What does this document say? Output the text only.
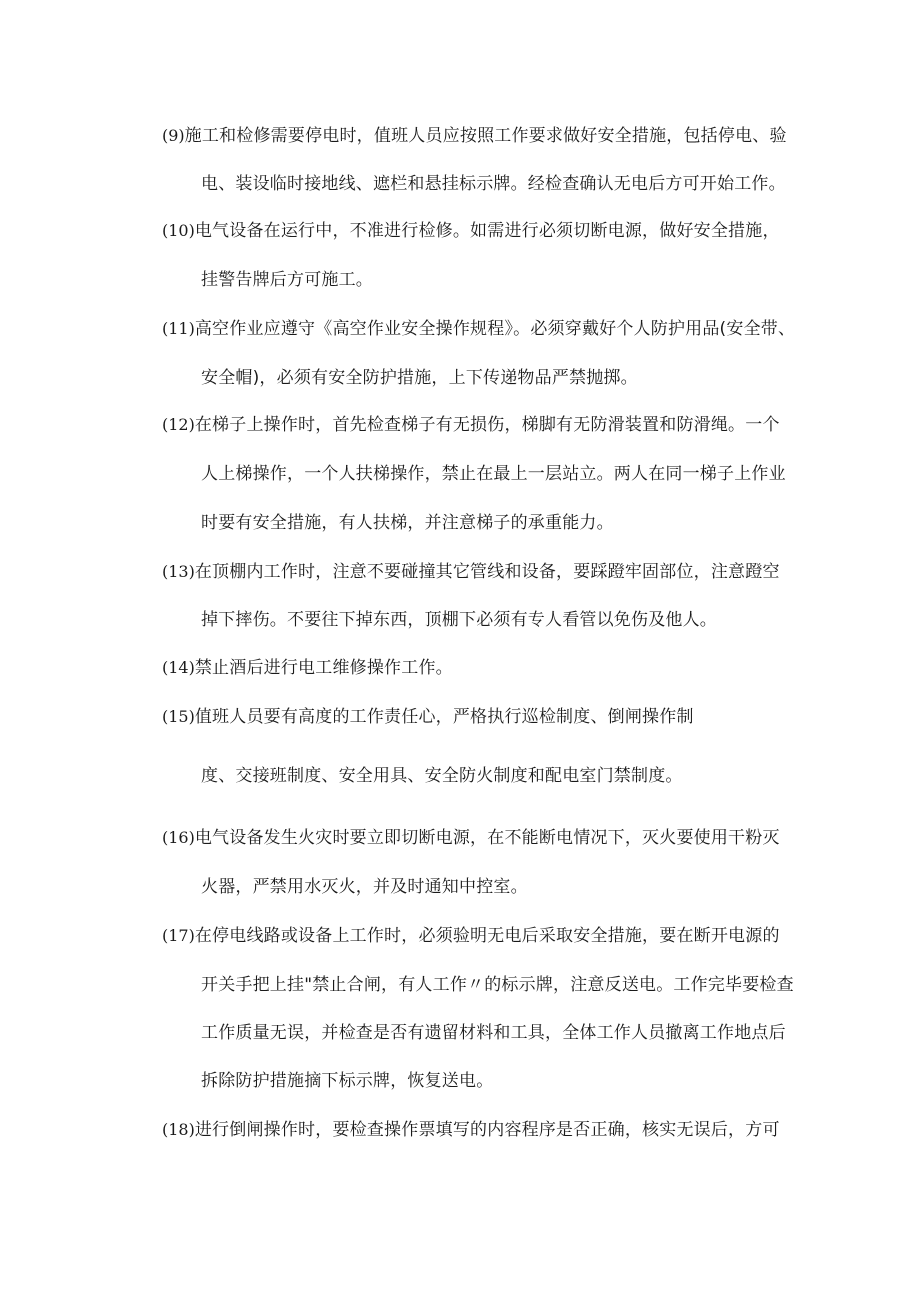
(9)施工和检修需要停电时，值班人员应按照工作要求做好安全措施，包括停电、验
电、装设临时接地线、遮栏和悬挂标示牌。经检查确认无电后方可开始工作。
(10)电气设备在运行中，不准进行检修。如需进行必须切断电源，做好安全措施，
挂警告牌后方可施工。
(11)高空作业应遵守《高空作业安全操作规程》。必须穿戴好个人防护用品(安全带、
安全帽)，必须有安全防护措施，上下传递物品严禁抛掷。
(12)在梯子上操作时，首先检查梯子有无损伤，梯脚有无防滑装置和防滑绳。一个
人上梯操作，一个人扶梯操作，禁止在最上一层站立。两人在同一梯子上作业
时要有安全措施，有人扶梯，并注意梯子的承重能力。
(13)在顶棚内工作时，注意不要碰撞其它管线和设备，要踩蹬牢固部位，注意蹬空
掉下摔伤。不要往下掉东西，顶棚下必须有专人看管以免伤及他人。
(14)禁止酒后进行电工维修操作工作。
(15)值班人员要有高度的工作责任心，严格执行巡检制度、倒闸操作制
度、交接班制度、安全用具、安全防火制度和配电室门禁制度。
(16)电气设备发生火灾时要立即切断电源，在不能断电情况下，灭火要使用干粉灭
火器，严禁用水灭火，并及时通知中控室。
(17)在停电线路或设备上工作时，必须验明无电后采取安全措施，要在断开电源的
开关手把上挂"禁止合闸，有人工作〃的标示牌，注意反送电。工作完毕要检查
工作质量无误，并检查是否有遗留材料和工具，全体工作人员撤离工作地点后
拆除防护措施摘下标示牌，恢复送电。
(18)进行倒闸操作时，要检查操作票填写的内容程序是否正确，核实无误后，方可
